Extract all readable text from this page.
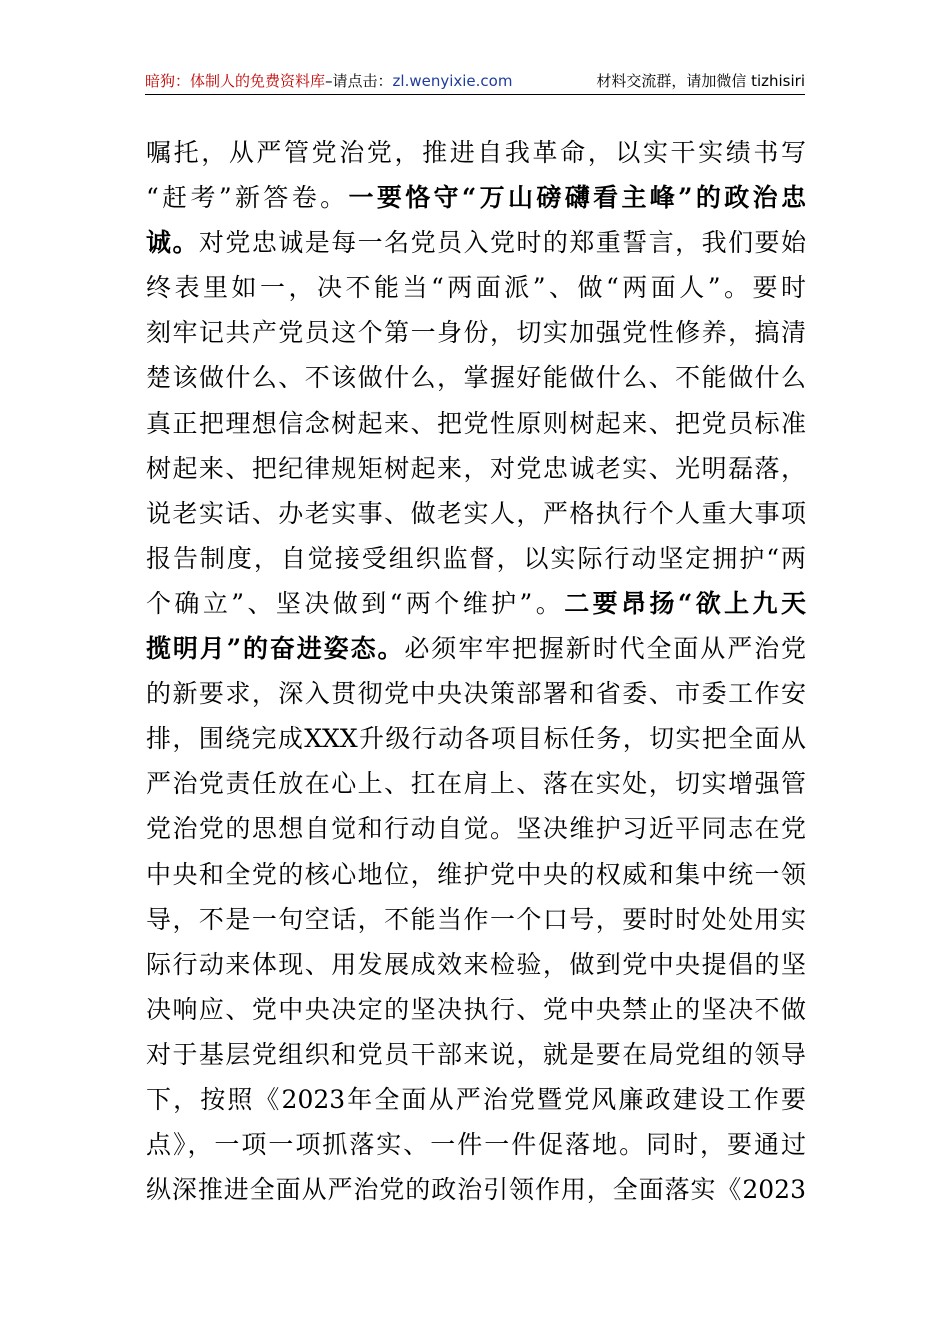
暗狗：体制人的免费资料库–请点击：zl.wenyixie.com	材料交流群，请加微信 tizhisiri
嘱托，从严管党治党，推进自我革命，以实干实绩书写
“赶考”新答卷。一要恪守“万山磅礴看主峰”的政治忠
诚。对党忠诚是每一名党员入党时的郑重誓言，我们要始
终表里如一，决不能当“两面派”、做“两面人”。要时
刻牢记共产党员这个第一身份，切实加强党性修养，搞清
楚该做什么、不该做什么，掌握好能做什么、不能做什么
真正把理想信念树起来、把党性原则树起来、把党员标准
树起来、把纪律规矩树起来，对党忠诚老实、光明磊落，
说老实话、办老实事、做老实人，严格执行个人重大事项
报告制度，自觉接受组织监督，以实际行动坚定拥护“两
个确立”、坚决做到“两个维护”。二要昂扬“欲上九天
揽明月”的奋进姿态。必须牢牢把握新时代全面从严治党
的新要求，深入贯彻党中央决策部署和省委、市委工作安
排，围绕完成XXX升级行动各项目标任务，切实把全面从
严治党责任放在心上、扛在肩上、落在实处，切实增强管
党治党的思想自觉和行动自觉。坚决维护习近平同志在党
中央和全党的核心地位，维护党中央的权威和集中统一领
导，不是一句空话，不能当作一个口号，要时时处处用实
际行动来体现、用发展成效来检验，做到党中央提倡的坚
决响应、党中央决定的坚决执行、党中央禁止的坚决不做
对于基层党组织和党员干部来说，就是要在局党组的领导
下，按照《2023年全面从严治党暨党风廉政建设工作要
点》，一项一项抓落实、一件一件促落地。同时，要通过
纵深推进全面从严治党的政治引领作用，全面落实《2023
